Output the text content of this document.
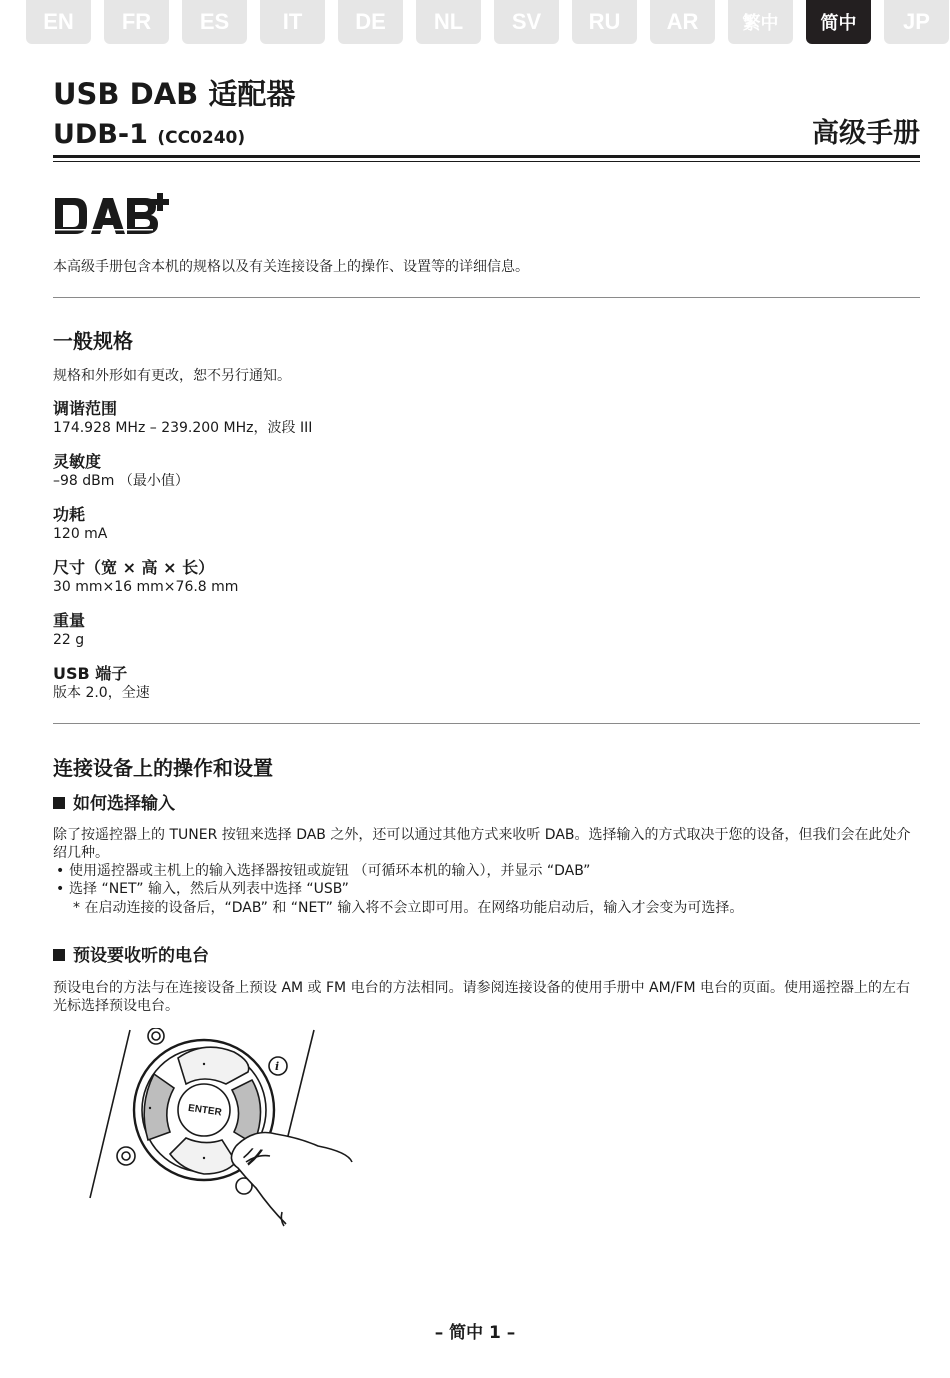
EN	FR	ES	IT	DE	NL	SV	RU	AR	繁中	简中	JP
USB DAB 适配器
UDB-1 (CC0240)	高级手册
本高级手册包含本机的规格以及有关连接设备上的操作、设置等的详细信息。
一般规格
规格和外形如有更改，恕不另行通知。
调谐范围
174.928 MHz – 239.200 MHz，波段 III
灵敏度
–98 dBm （最小值）
功耗
120 mA
尺寸（宽 × 高 × 长）
30 mm×16 mm×76.8 mm
重量
22 g
USB 端子
版本 2.0，全速
连接设备上的操作和设置
如何选择输入
除了按遥控器上的 TUNER 按钮来选择 DAB 之外，还可以通过其他方式来收听 DAB。选择输入的方式取决于您的设备，但我们会在此处介绍几种。
• 使用遥控器或主机上的输入选择器按钮或旋钮 （可循环本机的输入），并显示 “DAB”
• 选择 “NET” 输入，然后从列表中选择 “USB”
* 在启动连接的设备后，“DAB” 和 “NET” 输入将不会立即可用。在网络功能启动后，输入才会变为可选择。
预设要收听的电台
预设电台的方法与在连接设备上预设 AM 或 FM 电台的方法相同。请参阅连接设备的使用手册中 AM/FM 电台的页面。使用遥控器上的左右光标选择预设电台。
ENTER
i
– 简中 1 –
